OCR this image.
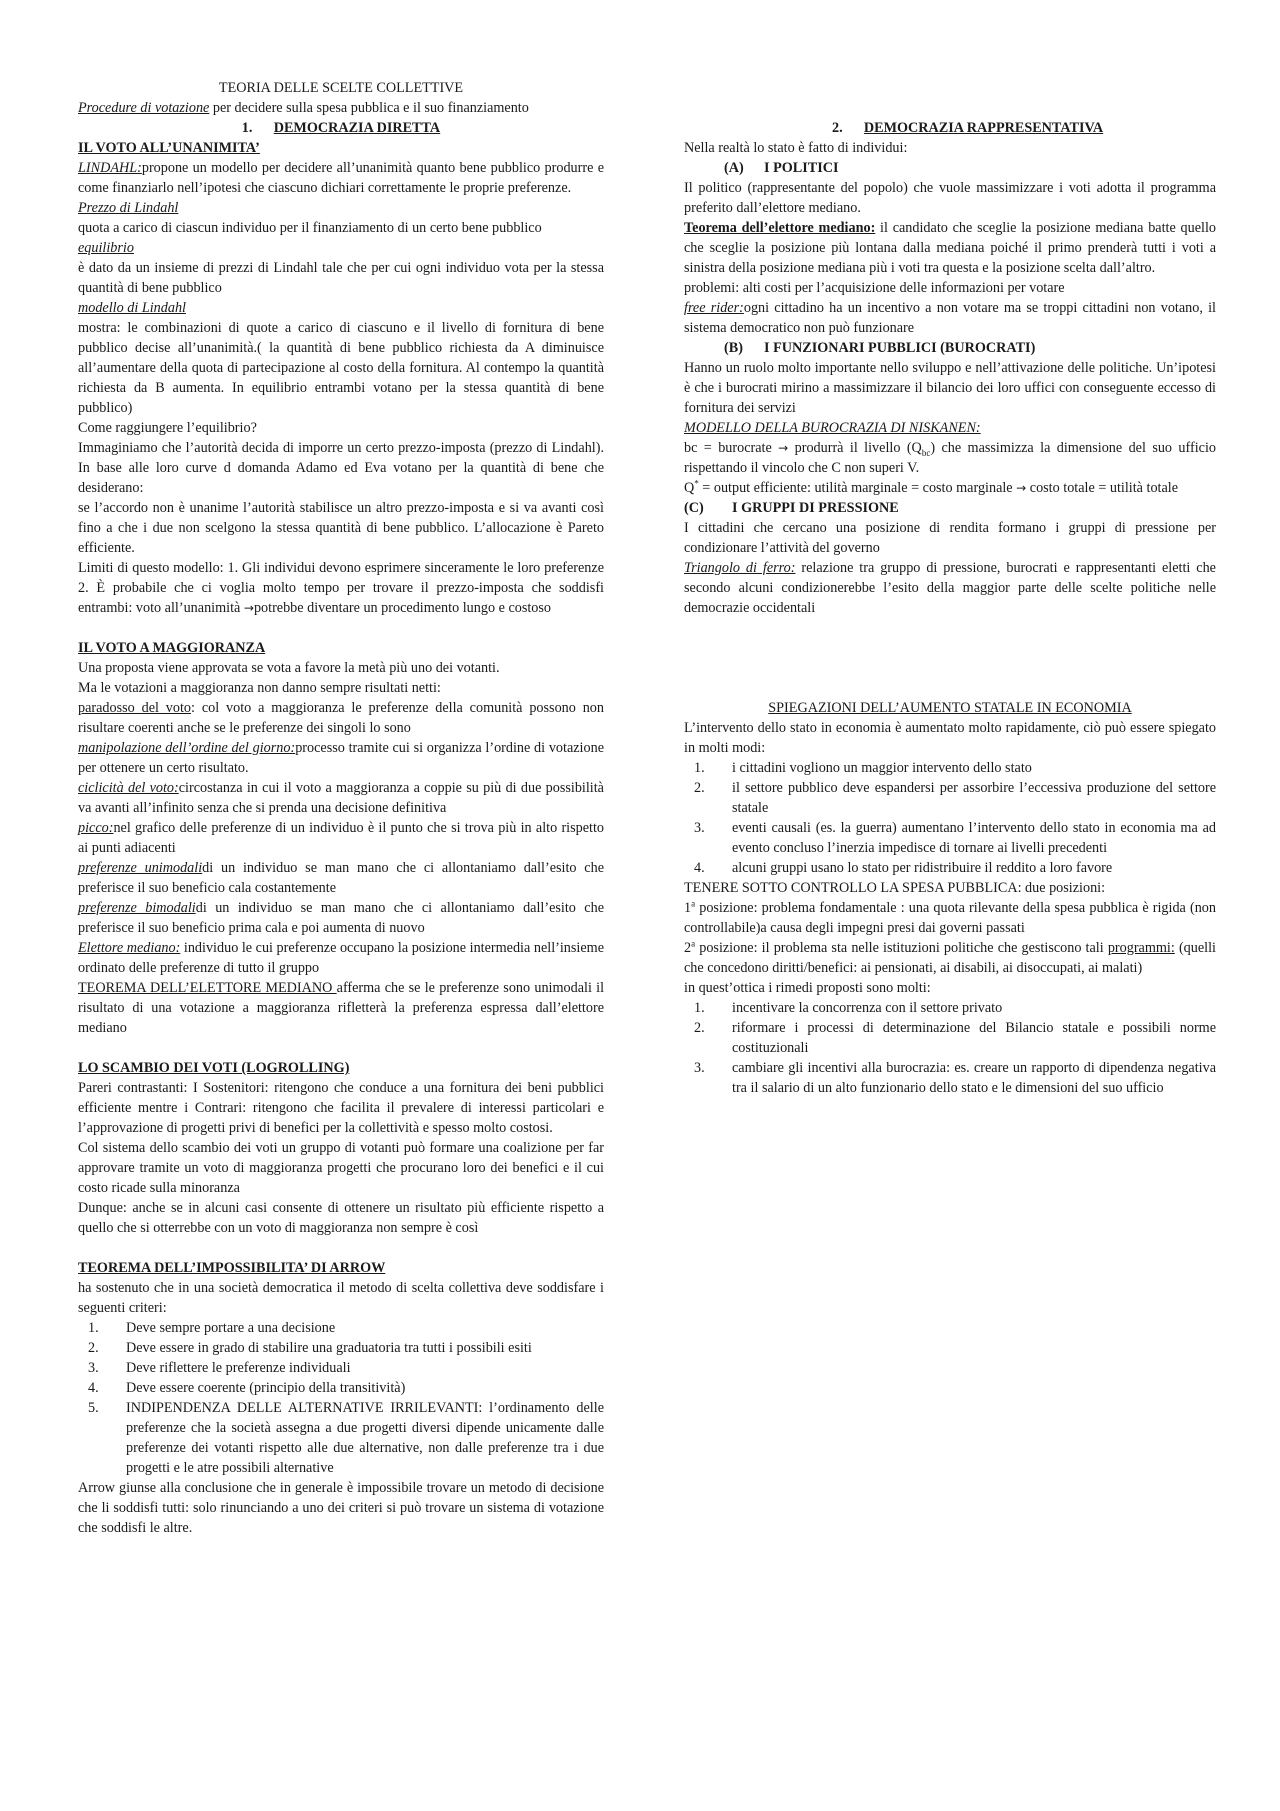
TEORIA DELLE SCELTE COLLETTIVE

Procedure di votazione per decidere sulla spesa pubblica e il suo finanziamento

1. DEMOCRAZIA DIRETTA

IL VOTO ALL’UNANIMITA’

LINDAHL:propone un modello per decidere all’unanimità quanto bene pubblico produrre e come finanziarlo nell’ipotesi che ciascuno dichiari correttamente le proprie preferenze.

Prezzo di Lindahl

quota a carico di ciascun individuo per il finanziamento di un certo bene pubblico

equilibrio

è dato da un insieme di prezzi di Lindahl tale che per cui ogni individuo vota per la stessa quantità di bene pubblico

modello di Lindahl

mostra: le combinazioni di quote a carico di ciascuno e il livello di fornitura di bene pubblico decise all’unanimità.( la quantità di bene pubblico richiesta da A diminuisce all’aumentare della quota di partecipazione al costo della fornitura. Al contempo la quantità richiesta da B aumenta. In equilibrio entrambi votano per la stessa quantità di bene pubblico)

Come raggiungere l’equilibrio?

Immaginiamo che l’autorità decida di imporre un certo prezzo-imposta (prezzo di Lindahl). In base alle loro curve d domanda Adamo ed Eva votano per la quantità di bene che desiderano:

se l’accordo non è unanime l’autorità stabilisce un altro prezzo-imposta e si va avanti così fino a che i due non scelgono la stessa quantità di bene pubblico. L’allocazione è Pareto efficiente.

Limiti di questo modello: 1. Gli individui devono esprimere sinceramente le loro preferenze 2. È probabile che ci voglia molto tempo per trovare il prezzo-imposta che soddisfi entrambi: voto all’unanimità →potrebbe diventare un procedimento lungo e costoso

IL VOTO A MAGGIORANZA

Una proposta viene approvata se vota a favore la metà più uno dei votanti.

Ma le votazioni a maggioranza non danno sempre risultati netti:

paradosso del voto: col voto a maggioranza le preferenze della comunità possono non risultare coerenti anche se le preferenze dei singoli lo sono

manipolazione dell’ordine del giorno:processo tramite cui si organizza l’ordine di votazione per ottenere un certo risultato.

ciclicità del voto:circostanza in cui il voto a maggioranza a coppie su più di due possibilità va avanti all’infinito senza che si prenda una decisione definitiva

picco:nel grafico delle preferenze di un individuo è il punto che si trova più in alto rispetto ai punti adiacenti

preferenze unimodalidi un individuo se man mano che ci allontaniamo dall’esito che preferisce il suo beneficio cala costantemente

preferenze bimodalidi un individuo se man mano che ci allontaniamo dall’esito che preferisce il suo beneficio prima cala e poi aumenta di nuovo

Elettore mediano: individuo le cui preferenze occupano la posizione intermedia nell’insieme ordinato delle preferenze di tutto il gruppo

TEOREMA DELL’ELETTORE MEDIANO afferma che se le preferenze sono unimodali il risultato di una votazione a maggioranza rifletterà la preferenza espressa dall’elettore mediano

LO SCAMBIO DEI VOTI (LOGROLLING)

Pareri contrastanti: I Sostenitori: ritengono che conduce a una fornitura dei beni pubblici efficiente mentre i Contrari: ritengono che facilita il prevalere di interessi particolari e l’approvazione di progetti privi di benefici per la collettività e spesso molto costosi.

Col sistema dello scambio dei voti un gruppo di votanti può formare una coalizione per far approvare tramite un voto di maggioranza progetti che procurano loro dei benefici e il cui costo ricade sulla minoranza

Dunque: anche se in alcuni casi consente di ottenere un risultato più efficiente rispetto a quello che si otterrebbe con un voto di maggioranza non sempre è così

TEOREMA DELL’IMPOSSIBILITA’ DI ARROW

ha sostenuto che in una società democratica il metodo di scelta collettiva deve soddisfare i seguenti criteri:

1. Deve sempre portare a una decisione
2. Deve essere in grado di stabilire una graduatoria tra tutti i possibili esiti
3. Deve riflettere le preferenze individuali
4. Deve essere coerente (principio della transitività)
5. INDIPENDENZA DELLE ALTERNATIVE IRRILEVANTI: l’ordinamento delle preferenze che la società assegna a due progetti diversi dipende unicamente dalle preferenze dei votanti rispetto alle due alternative, non dalle preferenze tra i due progetti e le atre possibili alternative

Arrow giunse alla conclusione che in generale è impossibile trovare un metodo di decisione che li soddisfi tutti: solo rinunciando a uno dei criteri si può trovare un sistema di votazione che soddisfi le altre.

2. DEMOCRAZIA RAPPRESENTATIVA

Nella realtà lo stato è fatto di individui:

(A) I POLITICI

Il politico (rappresentante del popolo) che vuole massimizzare i voti adotta il programma preferito dall’elettore mediano.

Teorema dell’elettore mediano: il candidato che sceglie la posizione mediana batte quello che sceglie la posizione più lontana dalla mediana poiché il primo prenderà tutti i voti a sinistra della posizione mediana più i voti tra questa e la posizione scelta dall’altro.

problemi: alti costi per l’acquisizione delle informazioni per votare

free rider:ogni cittadino ha un incentivo a non votare ma se troppi cittadini non votano, il sistema democratico non può funzionare

(B) I FUNZIONARI PUBBLICI (BUROCRATI)

Hanno un ruolo molto importante nello sviluppo e nell’attivazione delle politiche. Un’ipotesi è che i burocrati mirino a massimizzare il bilancio dei loro uffici con conseguente eccesso di fornitura dei servizi

MODELLO DELLA BUROCRAZIA DI NISKANEN:

bc = burocrate → produrrà il livello $(Q_{bc})$ che massimizza la dimensione del suo ufficio rispettando il vincolo che C non superi V.

Q* = output efficiente: utilità marginale = costo marginale → costo totale = utilità totale

(C) I GRUPPI DI PRESSIONE

I cittadini che cercano una posizione di rendita formano i gruppi di pressione per condizionare l’attività del governo

Triangolo di ferro: relazione tra gruppo di pressione, burocrati e rappresentanti eletti che secondo alcuni condizionerebbe l’esito della maggior parte delle scelte politiche nelle democrazie occidentali

SPIEGAZIONI DELL’AUMENTO STATALE IN ECONOMIA

L’intervento dello stato in economia è aumentato molto rapidamente, ciò può essere spiegato in molti modi:

1. i cittadini vogliono un maggior intervento dello stato
2. il settore pubblico deve espandersi per assorbire l’eccessiva produzione del settore statale
3. eventi causali (es. la guerra) aumentano l’intervento dello stato in economia ma ad evento concluso l’inerzia impedisce di tornare ai livelli precedenti
4. alcuni gruppi usano lo stato per ridistribuire il reddito a loro favore

TENERE SOTTO CONTROLLO LA SPESA PUBBLICA: due posizioni:

1$^a$ posizione: problema fondamentale : una quota rilevante della spesa pubblica è rigida (non controllabile)a causa degli impegni presi dai governi passati

2$^a$ posizione: il problema sta nelle istituzioni politiche che gestiscono tali programmi: (quelli che concedono diritti/benefici: ai pensionati, ai disabili, ai disoccupati, ai malati)

in quest’ottica i rimedi proposti sono molti:

1. incentivare la concorrenza con il settore privato
2. riformare i processi di determinazione del Bilancio statale e possibili norme costituzionali
3. cambiare gli incentivi alla burocrazia: es. creare un rapporto di dipendenza negativa tra il salario di un alto funzionario dello stato e le dimensioni del suo ufficio
